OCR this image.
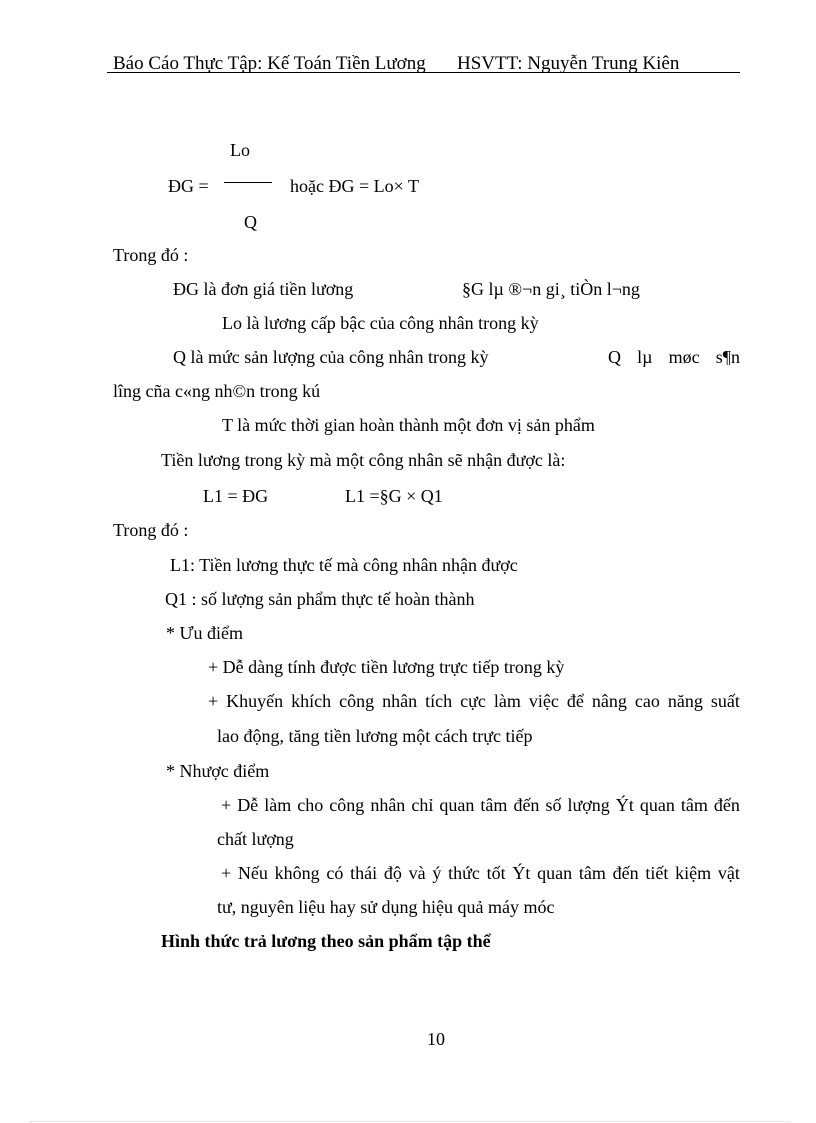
Báo Cáo Thực Tập: Kế Toán Tiền Lương HSVTT: Nguyễn Trung Kiên
Lo
ĐG =
Q
hoặc ĐG = Lo× T
Trong đó :
ĐG là đơn giá tiền lương	§G lµ ®¬n gi¸ tiÒn l¬ng
Lo là lương cấp bậc của công nhân trong kỳ
Q là mức sản lượng của công nhân trong kỳ	Q lµ møc s¶n
lîng cña c«ng nh©n trong kú
T là mức thời gian hoàn thành một đơn vị sản phẩm
Tiền lương trong kỳ mà một công nhân sẽ nhận được là:
L1 = ĐG	L1 =§G × Q1
Trong đó :
L1: Tiền lương thực tế mà công nhân nhận được
Q1 : số lượng sản phẩm thực tế hoàn thành
* Ưu điểm
+ Dễ dàng tính được tiền lương trực tiếp trong kỳ
+ Khuyến khích công nhân tích cực làm việc để nâng cao năng suất
lao động, tăng tiền lương một cách trực tiếp
* Nhược điểm
+ Dễ làm cho công nhân chỉ quan tâm đến số lượng Ýt quan tâm đến
chất lượng
+ Nếu không có thái độ và ý thức tốt Ýt quan tâm đến tiết kiệm vật
tư, nguyên liệu hay sử dụng hiệu quả máy móc
Hình thức trả lương theo sản phẩm tập thể
10
